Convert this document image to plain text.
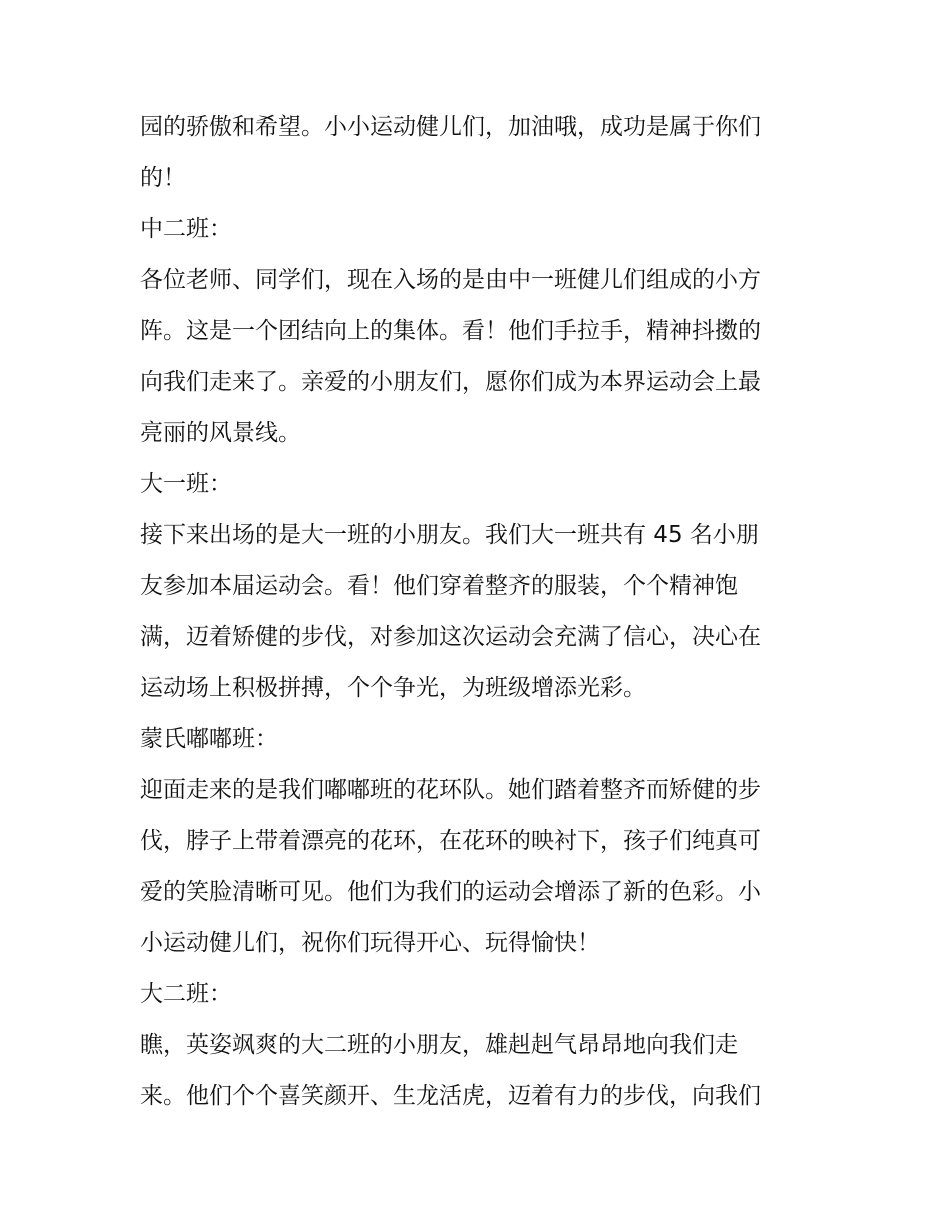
园的骄傲和希望。小小运动健儿们，加油哦，成功是属于你们
的！
中二班：
各位老师、同学们，现在入场的是由中一班健儿们组成的小方
阵。这是一个团结向上的集体。看！他们手拉手，精神抖擞的
向我们走来了。亲爱的小朋友们，愿你们成为本界运动会上最
亮丽的风景线。
大一班：
接下来出场的是大一班的小朋友。我们大一班共有 45 名小朋
友参加本届运动会。看！他们穿着整齐的服装，个个精神饱
满，迈着矫健的步伐，对参加这次运动会充满了信心，决心在
运动场上积极拼搏，个个争光，为班级增添光彩。
蒙氏嘟嘟班：
迎面走来的是我们嘟嘟班的花环队。她们踏着整齐而矫健的步
伐，脖子上带着漂亮的花环，在花环的映衬下，孩子们纯真可
爱的笑脸清晰可见。他们为我们的运动会增添了新的色彩。小
小运动健儿们，祝你们玩得开心、玩得愉快！
大二班：
瞧，英姿飒爽的大二班的小朋友，雄赳赳气昂昂地向我们走
来。他们个个喜笑颜开、生龙活虎，迈着有力的步伐，向我们
